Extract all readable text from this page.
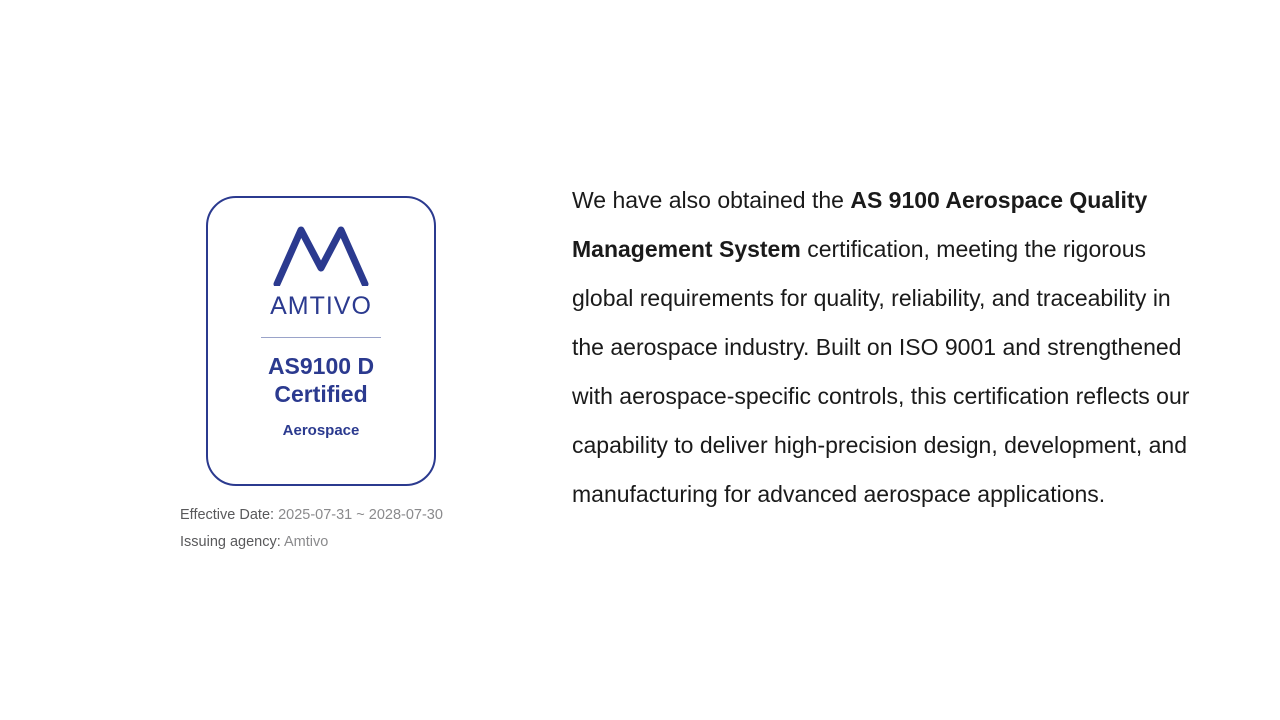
AMTIVO
AS9100 D
Certified
Aerospace
Effective Date: 2025-07-31 ~ 2028-07-30
Issuing agency: Amtivo
We have also obtained the AS 9100 Aerospace Quality Management System certification, meeting the rigorous global requirements for quality, reliability, and traceability in the aerospace industry. Built on ISO 9001 and strengthened with aerospace-specific controls, this certification reflects our capability to deliver high-precision design, development, and manufacturing for advanced aerospace applications.
